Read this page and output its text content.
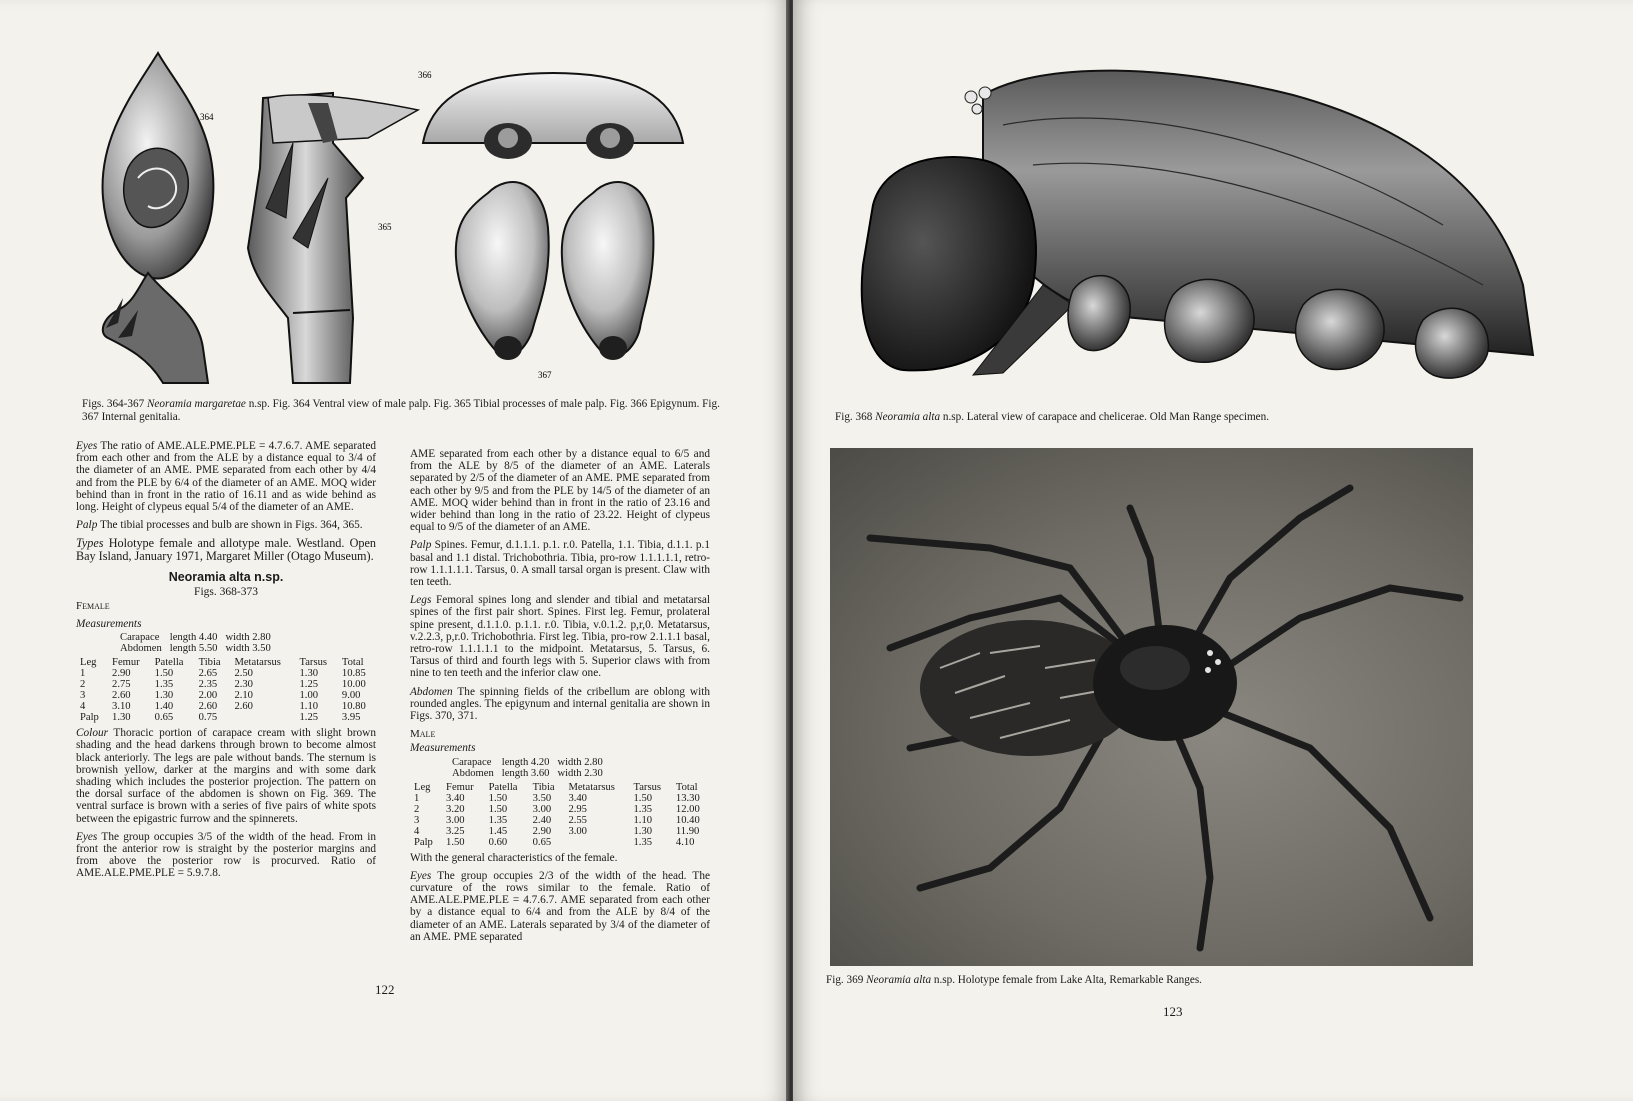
364
365
366
367
Figs. 364-367 Neoramia margaretae n.sp. Fig. 364 Ventral view of male palp. Fig. 365 Tibial processes of male palp. Fig. 366 Epigynum. Fig. 367 Internal genitalia.

Eyes The ratio of AME.ALE.PME.PLE = 4.7.6.7. AME separated from each other and from the ALE by a distance equal to 3/4 of the diameter of an AME. PME separated from each other by 4/4 and from the PLE by 6/4 of the diameter of an AME. MOQ wider behind than in front in the ratio of 16.11 and as wide behind as long. Height of clypeus equal 5/4 of the diameter of an AME.

Palp The tibial processes and bulb are shown in Figs. 364, 365.

Types Holotype female and allotype male. Westland. Open Bay Island, January 1971, Margaret Miller (Otago Museum).

Neoramia alta n.sp.
Figs. 368-373
Female
Measurements
Carapace	length 4.40	width 2.80
Abdomen	length 5.50	width 3.50
Leg	Femur	Patella	Tibia	Metatarsus	Tarsus	Total
1	2.90	1.50	2.65	2.50	1.30	10.85
2	2.75	1.35	2.35	2.30	1.25	10.00
3	2.60	1.30	2.00	2.10	1.00	9.00
4	3.10	1.40	2.60	2.60	1.10	10.80
Palp	1.30	0.65	0.75		1.25	3.95

Colour Thoracic portion of carapace cream with slight brown shading and the head darkens through brown to become almost black anteriorly. The legs are pale without bands. The sternum is brownish yellow, darker at the margins and with some dark shading which includes the posterior projection. The pattern on the dorsal surface of the abdomen is shown on Fig. 369. The ventral surface is brown with a series of five pairs of white spots between the epigastric furrow and the spinnerets.

Eyes The group occupies 3/5 of the width of the head. From in front the anterior row is straight by the posterior margins and from above the posterior row is procurved. Ratio of AME.ALE.PME.PLE = 5.9.7.8.

AME separated from each other by a distance equal to 6/5 and from the ALE by 8/5 of the diameter of an AME. Laterals separated by 2/5 of the diameter of an AME. PME separated from each other by 9/5 and from the PLE by 14/5 of the diameter of an AME. MOQ wider behind than in front in the ratio of 23.16 and wider behind than long in the ratio of 23.22. Height of clypeus equal to 9/5 of the diameter of an AME.

Palp Spines. Femur, d.1.1.1. p.1. r.0. Patella, 1.1. Tibia, d.1.1. p.1 basal and 1.1 distal. Trichobothria. Tibia, pro-row 1.1.1.1.1, retro-row 1.1.1.1.1. Tarsus, 0. A small tarsal organ is present. Claw with ten teeth.

Legs Femoral spines long and slender and tibial and metatarsal spines of the first pair short. Spines. First leg. Femur, prolateral spine present, d.1.1.0. p.1.1. r.0. Tibia, v.0.1.2. p,r,0. Metatarsus, v.2.2.3, p,r.0. Trichobothria. First leg. Tibia, pro-row 2.1.1.1 basal, retro-row 1.1.1.1.1 to the midpoint. Metatarsus, 5. Tarsus, 6. Tarsus of third and fourth legs with 5. Superior claws with from nine to ten teeth and the inferior claw one.

Abdomen The spinning fields of the cribellum are oblong with rounded angles. The epigynum and internal genitalia are shown in Figs. 370, 371.

Male
Measurements
Carapace	length 4.20	width 2.80
Abdomen	length 3.60	width 2.30
Leg	Femur	Patella	Tibia	Metatarsus	Tarsus	Total
1	3.40	1.50	3.50	3.40	1.50	13.30
2	3.20	1.50	3.00	2.95	1.35	12.00
3	3.00	1.35	2.40	2.55	1.10	10.40
4	3.25	1.45	2.90	3.00	1.30	11.90
Palp	1.50	0.60	0.65		1.35	4.10

With the general characteristics of the female.

Eyes The group occupies 2/3 of the width of the head. The curvature of the rows similar to the female. Ratio of AME.ALE.PME.PLE = 4.7.6.7. AME separated from each other by a distance equal to 6/4 and from the ALE by 8/4 of the diameter of an AME. Laterals separated by 3/4 of the diameter of an AME. PME separated

122
Fig. 368 Neoramia alta n.sp. Lateral view of carapace and chelicerae. Old Man Range specimen.
Fig. 369 Neoramia alta n.sp. Holotype female from Lake Alta, Remarkable Ranges.
123
